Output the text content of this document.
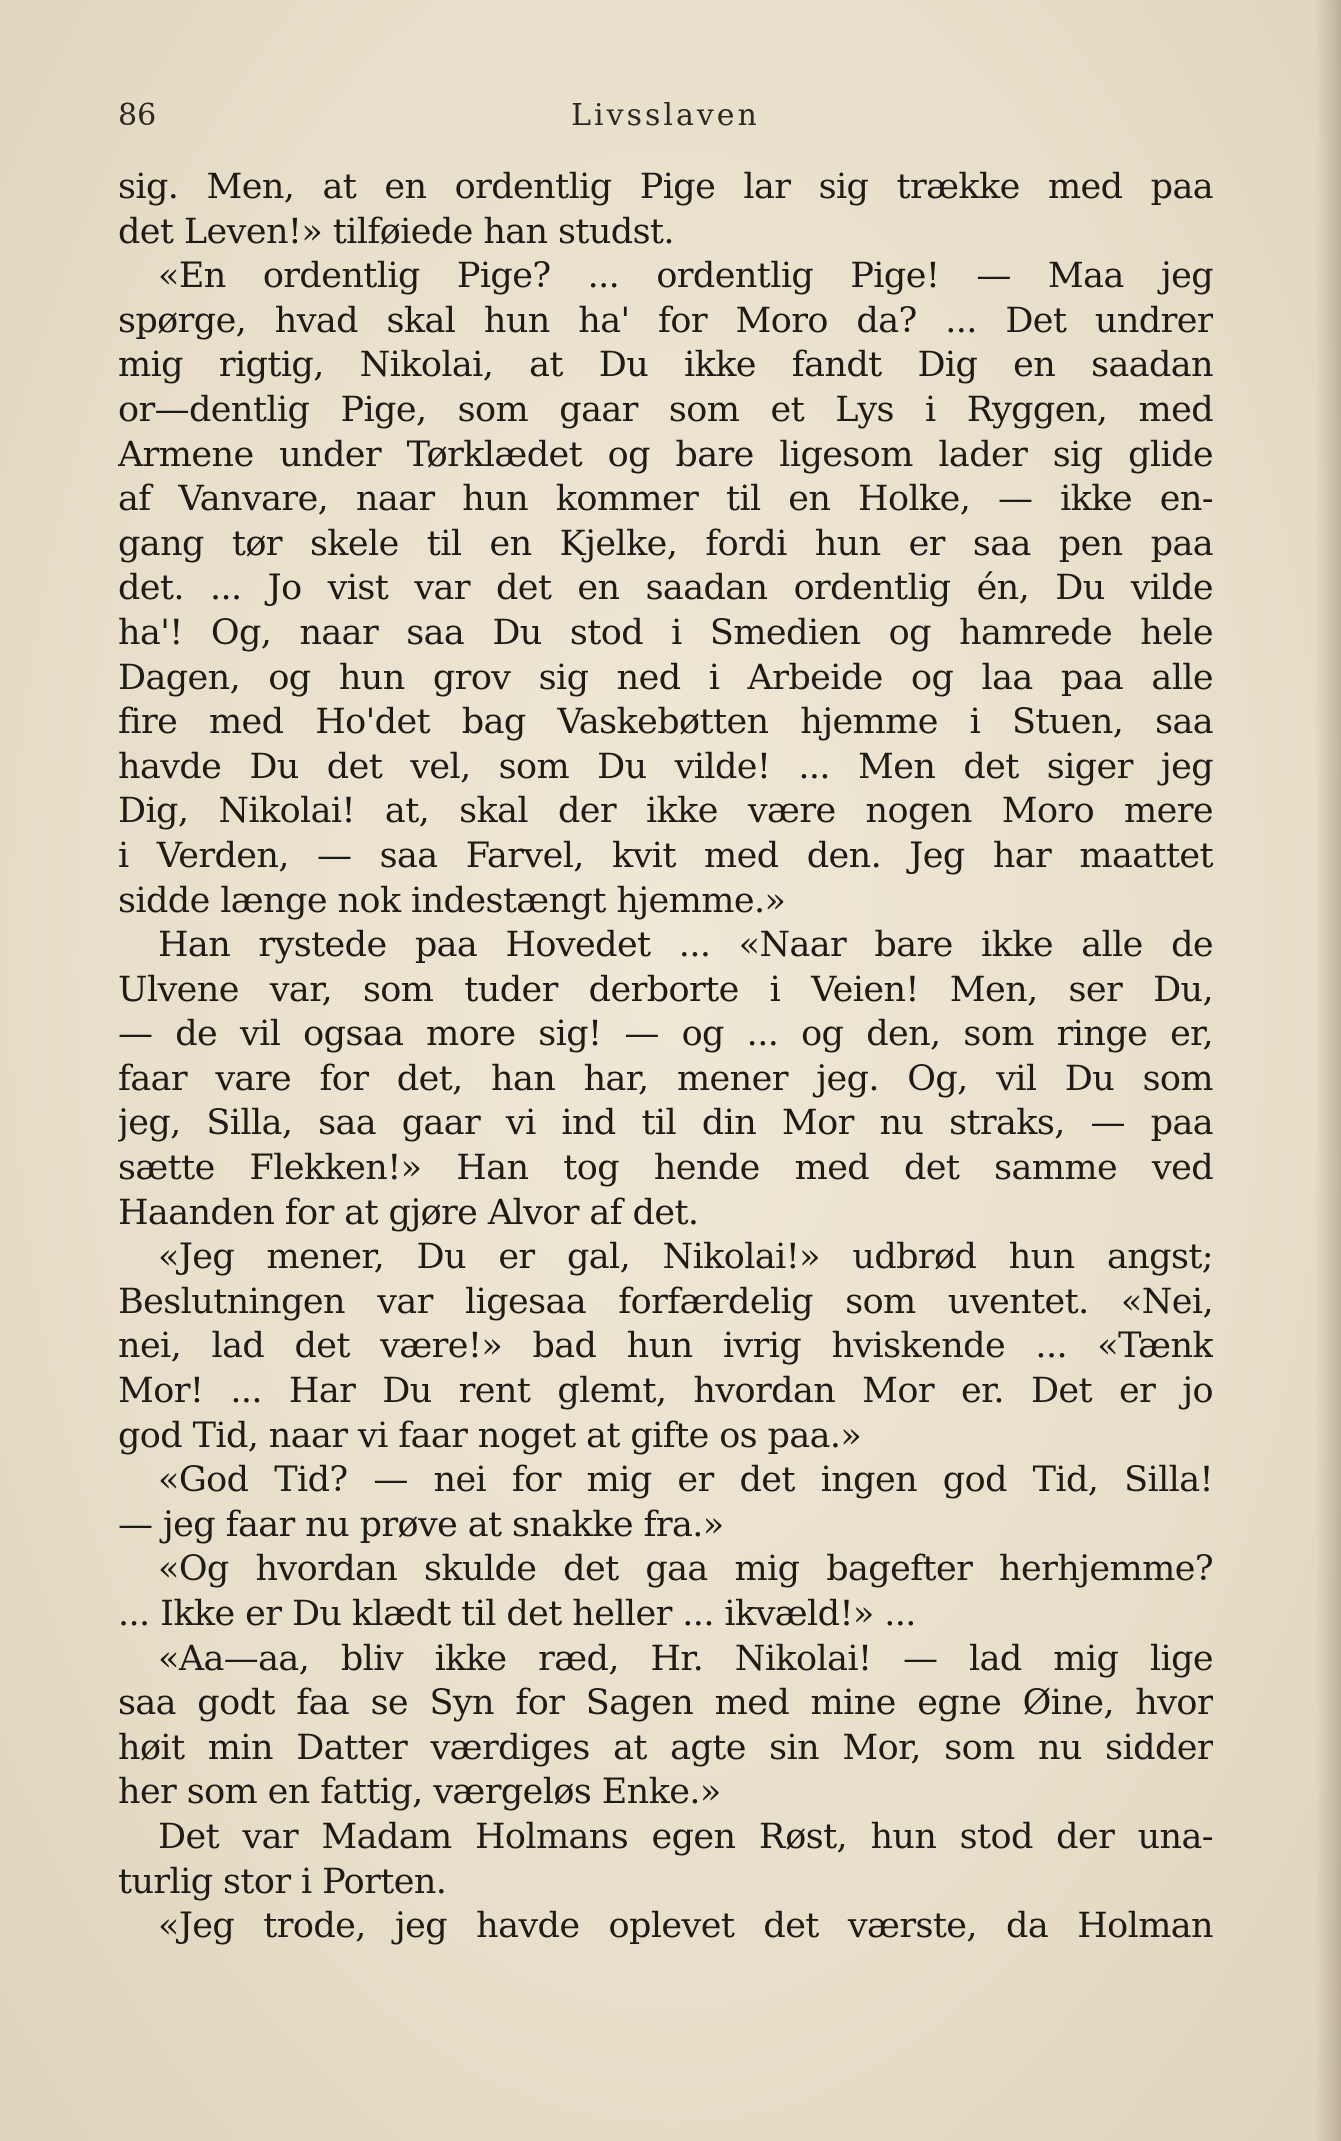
86	Livsslaven
sig. Men, at en ordentlig Pige lar sig trække med paa
det Leven!» tilføiede han studst.
«En ordentlig Pige? ... ordentlig Pige! — Maa jeg
spørge, hvad skal hun ha' for Moro da? ... Det undrer
mig rigtig, Nikolai, at Du ikke fandt Dig en saadan
or—dentlig Pige, som gaar som et Lys i Ryggen, med
Armene under Tørklædet og bare ligesom lader sig glide
af Vanvare, naar hun kommer til en Holke, — ikke en-
gang tør skele til en Kjelke, fordi hun er saa pen paa
det. ... Jo vist var det en saadan ordentlig én, Du vilde
ha'! Og, naar saa Du stod i Smedien og hamrede hele
Dagen, og hun grov sig ned i Arbeide og laa paa alle
fire med Ho'det bag Vaskebøtten hjemme i Stuen, saa
havde Du det vel, som Du vilde! ... Men det siger jeg
Dig, Nikolai! at, skal der ikke være nogen Moro mere
i Verden, — saa Farvel, kvit med den. Jeg har maattet
sidde længe nok indestængt hjemme.»
Han rystede paa Hovedet ... «Naar bare ikke alle de
Ulvene var, som tuder derborte i Veien! Men, ser Du,
— de vil ogsaa more sig! — og ... og den, som ringe er,
faar vare for det, han har, mener jeg. Og, vil Du som
jeg, Silla, saa gaar vi ind til din Mor nu straks, — paa
sætte Flekken!» Han tog hende med det samme ved
Haanden for at gjøre Alvor af det.
«Jeg mener, Du er gal, Nikolai!» udbrød hun angst;
Beslutningen var ligesaa forfærdelig som uventet. «Nei,
nei, lad det være!» bad hun ivrig hviskende ... «Tænk
Mor! ... Har Du rent glemt, hvordan Mor er. Det er jo
god Tid, naar vi faar noget at gifte os paa.»
«God Tid? — nei for mig er det ingen god Tid, Silla!
— jeg faar nu prøve at snakke fra.»
«Og hvordan skulde det gaa mig bagefter herhjemme?
... Ikke er Du klædt til det heller ... ikvæld!» ...
«Aa—aa, bliv ikke ræd, Hr. Nikolai! — lad mig lige
saa godt faa se Syn for Sagen med mine egne Øine, hvor
høit min Datter værdiges at agte sin Mor, som nu sidder
her som en fattig, værgeløs Enke.»
Det var Madam Holmans egen Røst, hun stod der una-
turlig stor i Porten.
«Jeg trode, jeg havde oplevet det værste, da Holman
